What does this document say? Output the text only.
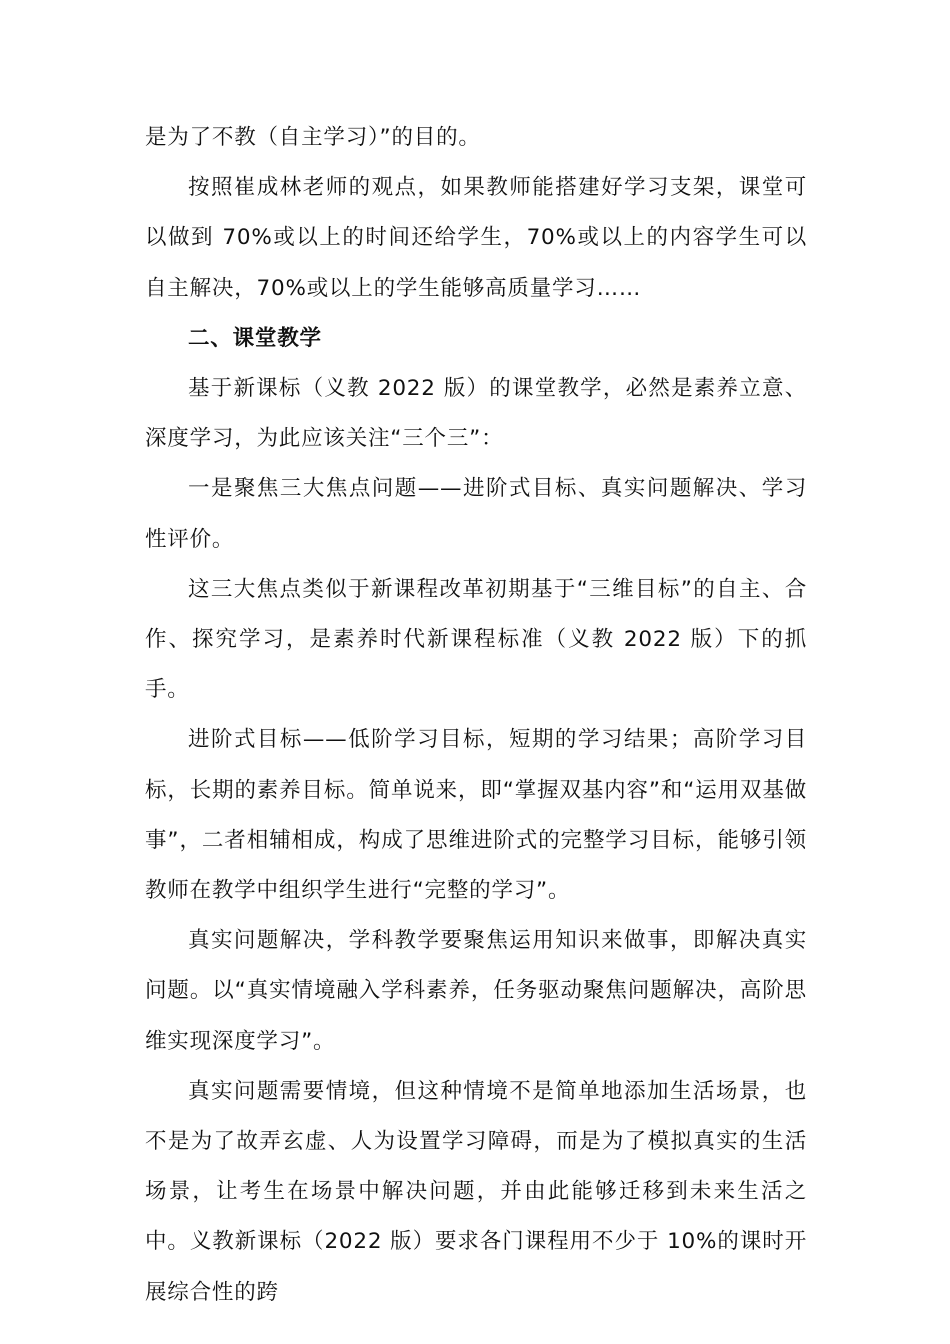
是为了不教（自主学习）”的目的。

按照崔成林老师的观点，如果教师能搭建好学习支架，课堂可以做到 70%或以上的时间还给学生，70%或以上的内容学生可以自主解决，70%或以上的学生能够高质量学习……

二、课堂教学

基于新课标（义教 2022 版）的课堂教学，必然是素养立意、深度学习，为此应该关注“三个三”：

一是聚焦三大焦点问题——进阶式目标、真实问题解决、学习性评价。

这三大焦点类似于新课程改革初期基于“三维目标”的自主、合作、探究学习，是素养时代新课程标准（义教 2022 版）下的抓手。

进阶式目标——低阶学习目标，短期的学习结果；高阶学习目标，长期的素养目标。简单说来，即“掌握双基内容”和“运用双基做事”，二者相辅相成，构成了思维进阶式的完整学习目标，能够引领教师在教学中组织学生进行“完整的学习”。

真实问题解决，学科教学要聚焦运用知识来做事，即解决真实问题。以“真实情境融入学科素养，任务驱动聚焦问题解决，高阶思维实现深度学习”。

真实问题需要情境，但这种情境不是简单地添加生活场景，也不是为了故弄玄虚、人为设置学习障碍，而是为了模拟真实的生活场景，让考生在场景中解决问题，并由此能够迁移到未来生活之中。义教新课标（2022 版）要求各门课程用不少于 10%的课时开展综合性的跨
